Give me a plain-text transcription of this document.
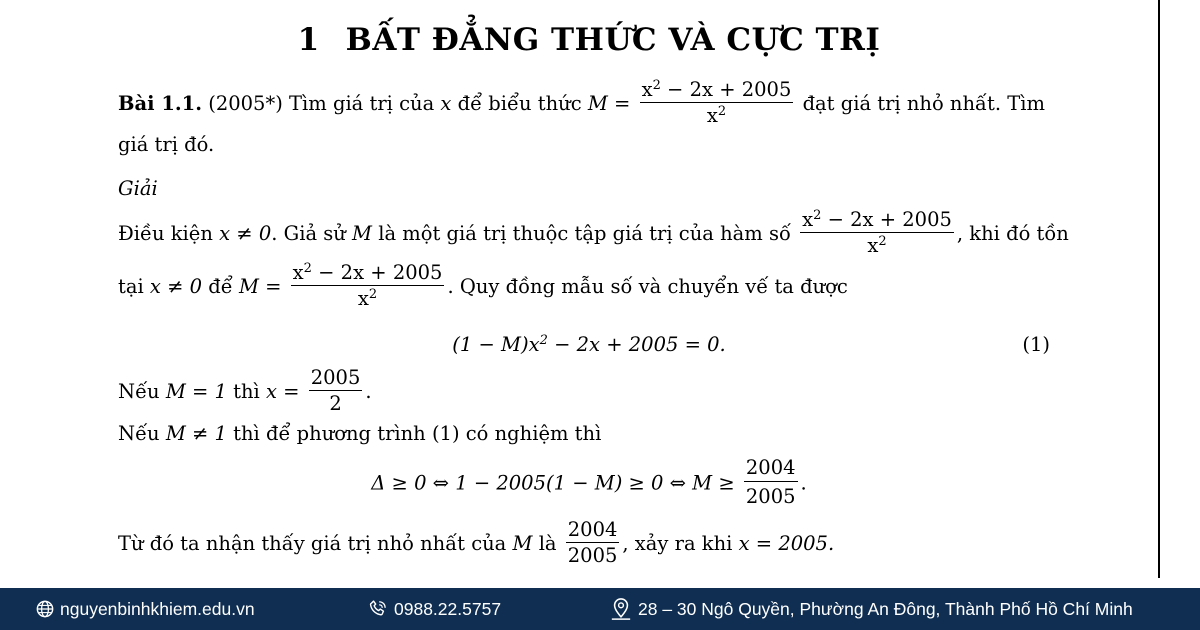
1 BẤT ĐẲNG THỨC VÀ CỰC TRỊ
Bài 1.1. (2005*) Tìm giá trị của x để biểu thức $M = \frac{x^2 - 2x + 2005}{x^2}$ đạt giá trị nhỏ nhất. Tìm
giá trị đó.
Giải
Điều kiện x ≠ 0. Giả sử M là một giá trị thuộc tập giá trị của hàm số $\frac{x^2 - 2x + 2005}{x^2}$ , khi đó tồn
tại x ≠ 0 để $M = \frac{x^2 - 2x + 2005}{x^2}$ . Quy đồng mẫu số và chuyển vế ta được
$(1 - M)x^2 - 2x + 2005 = 0$.	(1)
Nếu M = 1 thì $x = \frac{2005}{2}$ .
Nếu M ≠ 1 thì để phương trình (1) có nghiệm thì
Δ ≥ 0 ⇔ 1 − 2005(1 − M) ≥ 0 ⇔ $M \ge \frac{2004}{2005}$ .
Từ đó ta nhận thấy giá trị nhỏ nhất của M là $\frac{2004}{2005}$ , xảy ra khi x = 2005.
nguyenbinhkhiem.edu.vn	0988.22.5757	28 – 30 Ngô Quyền, Phường An Đông, Thành Phố Hồ Chí Minh
